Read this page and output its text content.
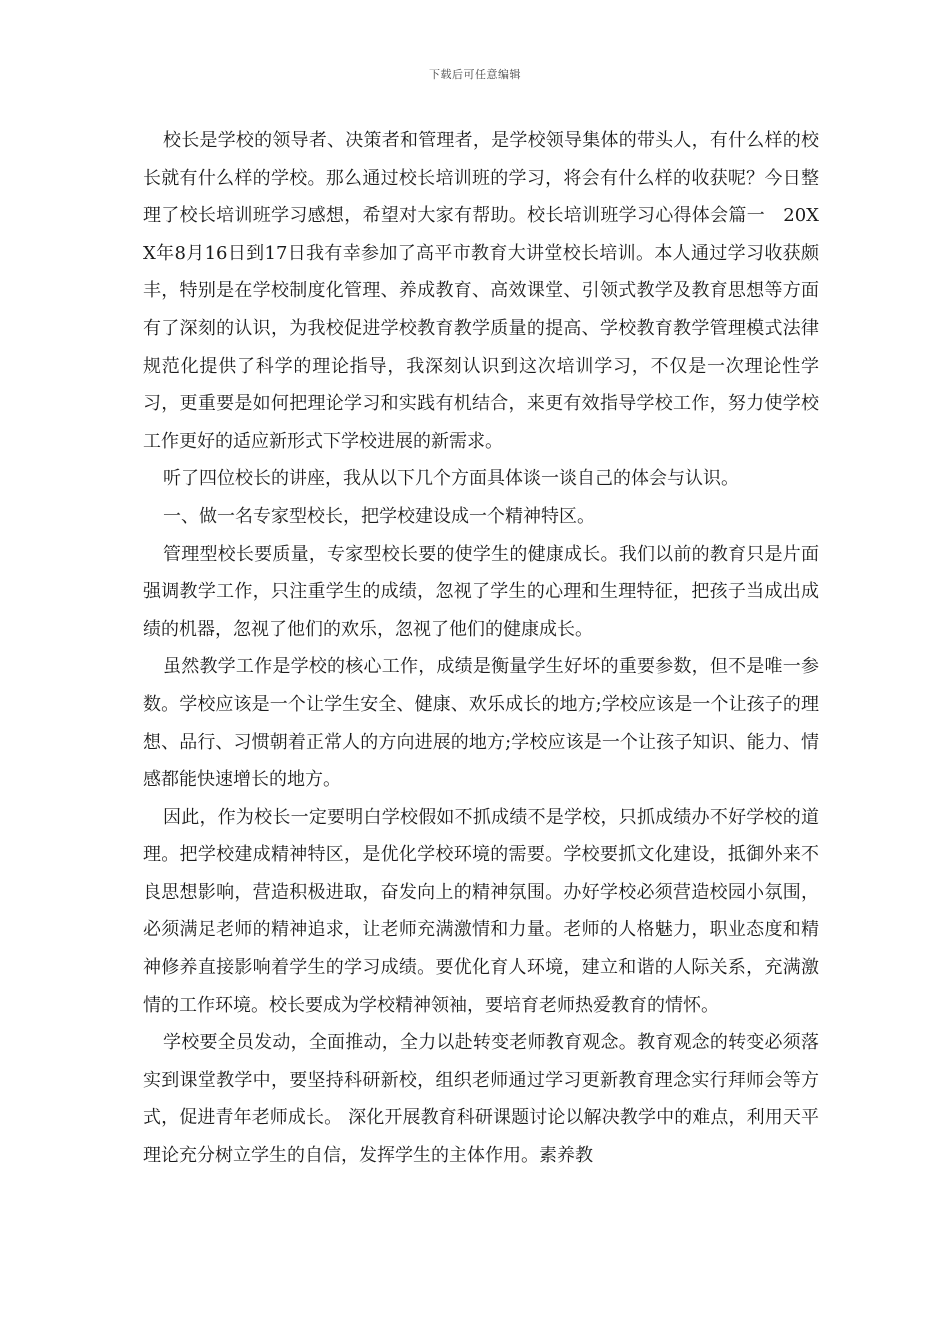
下载后可任意编辑

校长是学校的领导者、决策者和管理者，是学校领导集体的带头人，有什么样的校长就有什么样的学校。那么通过校长培训班的学习，将会有什么样的收获呢？今日整理了校长培训班学习感想，希望对大家有帮助。校长培训班学习心得体会篇一　20XX年8月16日到17日我有幸参加了高平市教育大讲堂校长培训。本人通过学习收获颇丰，特别是在学校制度化管理、养成教育、高效课堂、引领式教学及教育思想等方面有了深刻的认识，为我校促进学校教育教学质量的提高、学校教育教学管理模式法律规范化提供了科学的理论指导，我深刻认识到这次培训学习，不仅是一次理论性学习，更重要是如何把理论学习和实践有机结合，来更有效指导学校工作，努力使学校工作更好的适应新形式下学校进展的新需求。

听了四位校长的讲座，我从以下几个方面具体谈一谈自己的体会与认识。

一、做一名专家型校长，把学校建设成一个精神特区。

管理型校长要质量，专家型校长要的使学生的健康成长。我们以前的教育只是片面强调教学工作，只注重学生的成绩，忽视了学生的心理和生理特征，把孩子当成出成绩的机器，忽视了他们的欢乐，忽视了他们的健康成长。

虽然教学工作是学校的核心工作，成绩是衡量学生好坏的重要参数，但不是唯一参数。学校应该是一个让学生安全、健康、欢乐成长的地方;学校应该是一个让孩子的理想、品行、习惯朝着正常人的方向进展的地方;学校应该是一个让孩子知识、能力、情感都能快速增长的地方。

因此，作为校长一定要明白学校假如不抓成绩不是学校，只抓成绩办不好学校的道理。把学校建成精神特区，是优化学校环境的需要。学校要抓文化建设，抵御外来不良思想影响，营造积极进取，奋发向上的精神氛围。办好学校必须营造校园小氛围，必须满足老师的精神追求，让老师充满激情和力量。老师的人格魅力，职业态度和精神修养直接影响着学生的学习成绩。要优化育人环境，建立和谐的人际关系，充满激情的工作环境。校长要成为学校精神领袖，要培育老师热爱教育的情怀。

学校要全员发动，全面推动，全力以赴转变老师教育观念。教育观念的转变必须落实到课堂教学中，要坚持科研新校，组织老师通过学习更新教育理念实行拜师会等方式，促进青年老师成长。 深化开展教育科研课题讨论以解决教学中的难点，利用天平理论充分树立学生的自信，发挥学生的主体作用。素养教
